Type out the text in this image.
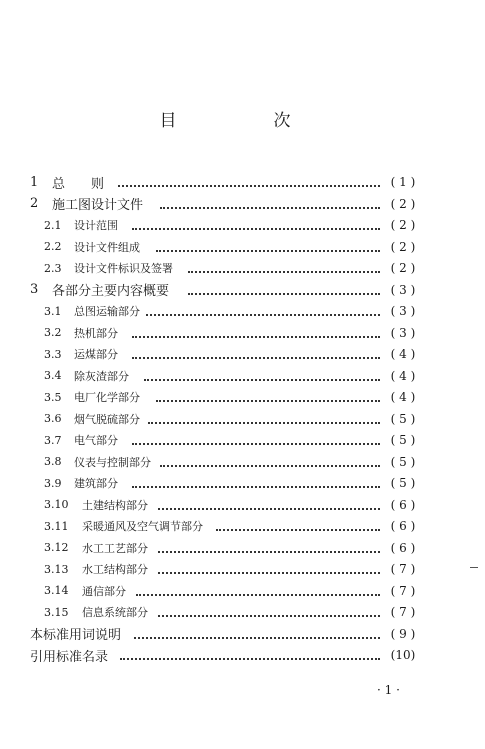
目　次
1 总　　则	( 1 )
2 施工图设计文件	( 2 )
2.1 设计范围	( 2 )
2.2 设计文件组成	( 2 )
2.3 设计文件标识及签署	( 2 )
3 各部分主要内容概要	( 3 )
3.1 总图运输部分	( 3 )
3.2 热机部分	( 3 )
3.3 运煤部分	( 4 )
3.4 除灰渣部分	( 4 )
3.5 电厂化学部分	( 4 )
3.6 烟气脱硫部分	( 5 )
3.7 电气部分	( 5 )
3.8 仪表与控制部分	( 5 )
3.9 建筑部分	( 5 )
3.10 土建结构部分	( 6 )
3.11 采暖通风及空气调节部分	( 6 )
3.12 水工工艺部分	( 6 )
3.13 水工结构部分	( 7 )
3.14 通信部分	( 7 )
3.15 信息系统部分	( 7 )
本标准用词说明	( 9 )
引用标准名录	(10)
· 1 ·
